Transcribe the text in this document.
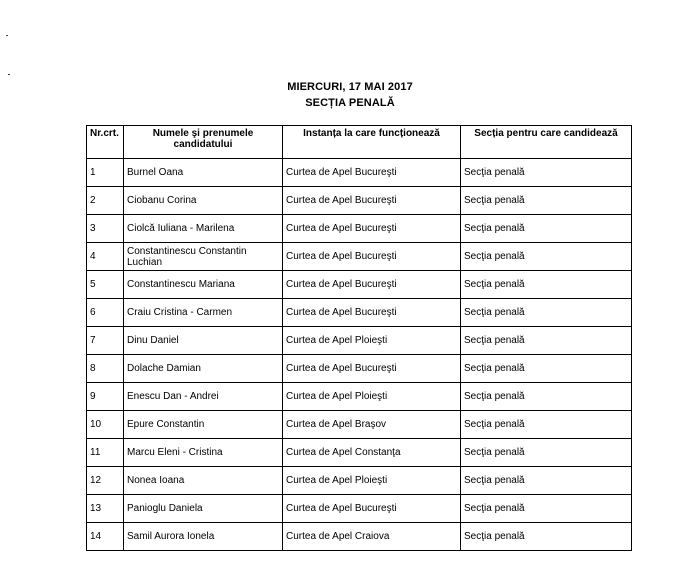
MIERCURI, 17 MAI 2017
SECȚIA PENALĂ
Nr.crt.	Numele şi prenumele candidatului	Instanța la care funcționează	Secția pentru care candidează
1	Burnel Oana	Curtea de Apel Bucureşti	Secţia penală
2	Ciobanu Corina	Curtea de Apel Bucureşti	Secţia penală
3	Ciolcă Iuliana - Marilena	Curtea de Apel Bucureşti	Secţia penală
4	Constantinescu Constantin Luchian	Curtea de Apel Bucureşti	Secţia penală
5	Constantinescu Mariana	Curtea de Apel Bucureşti	Secţia penală
6	Craiu Cristina - Carmen	Curtea de Apel Bucureşti	Secţia penală
7	Dinu Daniel	Curtea de Apel Ploieşti	Secţia penală
8	Dolache Damian	Curtea de Apel Bucureşti	Secţia penală
9	Enescu Dan - Andrei	Curtea de Apel Ploieşti	Secţia penală
10	Epure Constantin	Curtea de Apel Braşov	Secţia penală
11	Marcu Eleni - Cristina	Curtea de Apel Constanţa	Secţia penală
12	Nonea Ioana	Curtea de Apel Ploieşti	Secţia penală
13	Panioglu Daniela	Curtea de Apel Bucureşti	Secţia penală
14	Samil Aurora Ionela	Curtea de Apel Craiova	Secţia penală
